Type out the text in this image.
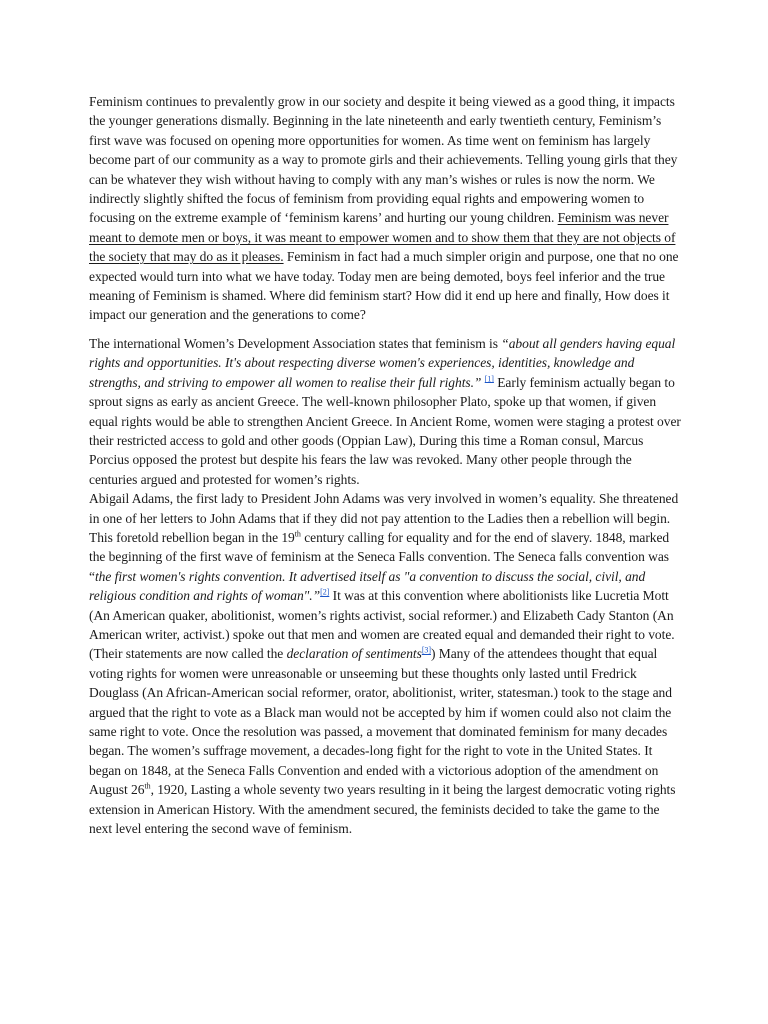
Feminism continues to prevalently grow in our society and despite it being viewed as a good thing, it impacts the younger generations dismally. Beginning in the late nineteenth and early twentieth century, Feminism’s first wave was focused on opening more opportunities for women. As time went on feminism has largely become part of our community as a way to promote girls and their achievements. Telling young girls that they can be whatever they wish without having to comply with any man’s wishes or rules is now the norm. We indirectly slightly shifted the focus of feminism from providing equal rights and empowering women to focusing on the extreme example of ‘feminism karens’ and hurting our young children. Feminism was never meant to demote men or boys, it was meant to empower women and to show them that they are not objects of the society that may do as it pleases. Feminism in fact had a much simpler origin and purpose, one that no one expected would turn into what we have today. Today men are being demoted, boys feel inferior and the true meaning of Feminism is shamed. Where did feminism start? How did it end up here and finally, How does it impact our generation and the generations to come?

The international Women’s Development Association states that feminism is “about all genders having equal rights and opportunities. It's about respecting diverse women's experiences, identities, knowledge and strengths, and striving to empower all women to realise their full rights.” [1] Early feminism actually began to sprout signs as early as ancient Greece. The well-known philosopher Plato, spoke up that women, if given equal rights would be able to strengthen Ancient Greece. In Ancient Rome, women were staging a protest over their restricted access to gold and other goods (Oppian Law), During this time a Roman consul, Marcus Porcius opposed the protest but despite his fears the law was revoked. Many other people through the centuries argued and protested for women’s rights.

Abigail Adams, the first lady to President John Adams was very involved in women’s equality. She threatened in one of her letters to John Adams that if they did not pay attention to the Ladies then a rebellion will begin. This foretold rebellion began in the 19th century calling for equality and for the end of slavery. 1848, marked the beginning of the first wave of feminism at the Seneca Falls convention. The Seneca falls convention was “the first women's rights convention. It advertised itself as "a convention to discuss the social, civil, and religious condition and rights of woman".”[2] It was at this convention where abolitionists like Lucretia Mott (An American quaker, abolitionist, women’s rights activist, social reformer.) and Elizabeth Cady Stanton (An American writer, activist.) spoke out that men and women are created equal and demanded their right to vote. (Their statements are now called the declaration of sentiments[3]) Many of the attendees thought that equal voting rights for women were unreasonable or unseeming but these thoughts only lasted until Fredrick Douglass (An African-American social reformer, orator, abolitionist, writer, statesman.) took to the stage and argued that the right to vote as a Black man would not be accepted by him if women could also not claim the same right to vote. Once the resolution was passed, a movement that dominated feminism for many decades began. The women’s suffrage movement, a decades-long fight for the right to vote in the United States. It began on 1848, at the Seneca Falls Convention and ended with a victorious adoption of the amendment on August 26th, 1920, Lasting a whole seventy two years resulting in it being the largest democratic voting rights extension in American History. With the amendment secured, the feminists decided to take the game to the next level entering the second wave of feminism.
